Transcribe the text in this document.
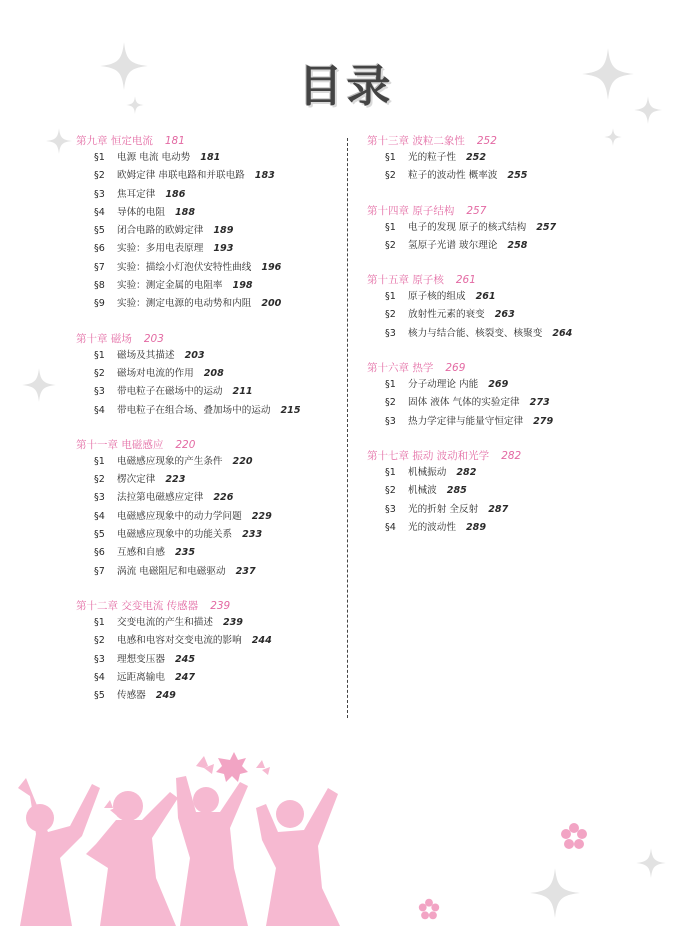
目录
第九章 恒定电流 181
§1 电源 电流 电动势 181
§2 欧姆定律 串联电路和并联电路 183
§3 焦耳定律 186
§4 导体的电阻 188
§5 闭合电路的欧姆定律 189
§6 实验：多用电表原理 193
§7 实验：描绘小灯泡伏安特性曲线 196
§8 实验：测定金属的电阻率 198
§9 实验：测定电源的电动势和内阻 200
第十章 磁场 203
§1 磁场及其描述 203
§2 磁场对电流的作用 208
§3 带电粒子在磁场中的运动 211
§4 带电粒子在组合场、叠加场中的运动 215
第十一章 电磁感应 220
§1 电磁感应现象的产生条件 220
§2 楞次定律 223
§3 法拉第电磁感应定律 226
§4 电磁感应现象中的动力学问题 229
§5 电磁感应现象中的功能关系 233
§6 互感和自感 235
§7 涡流 电磁阻尼和电磁驱动 237
第十二章 交变电流 传感器 239
§1 交变电流的产生和描述 239
§2 电感和电容对交变电流的影响 244
§3 理想变压器 245
§4 远距离输电 247
§5 传感器 249
第十三章 波粒二象性 252
§1 光的粒子性 252
§2 粒子的波动性 概率波 255
第十四章 原子结构 257
§1 电子的发现 原子的核式结构 257
§2 氢原子光谱 玻尔理论 258
第十五章 原子核 261
§1 原子核的组成 261
§2 放射性元素的衰变 263
§3 核力与结合能、核裂变、核聚变 264
第十六章 热学 269
§1 分子动理论 内能 269
§2 固体 液体 气体的实验定律 273
§3 热力学定律与能量守恒定律 279
第十七章 振动 波动和光学 282
§1 机械振动 282
§2 机械波 285
§3 光的折射 全反射 287
§4 光的波动性 289
